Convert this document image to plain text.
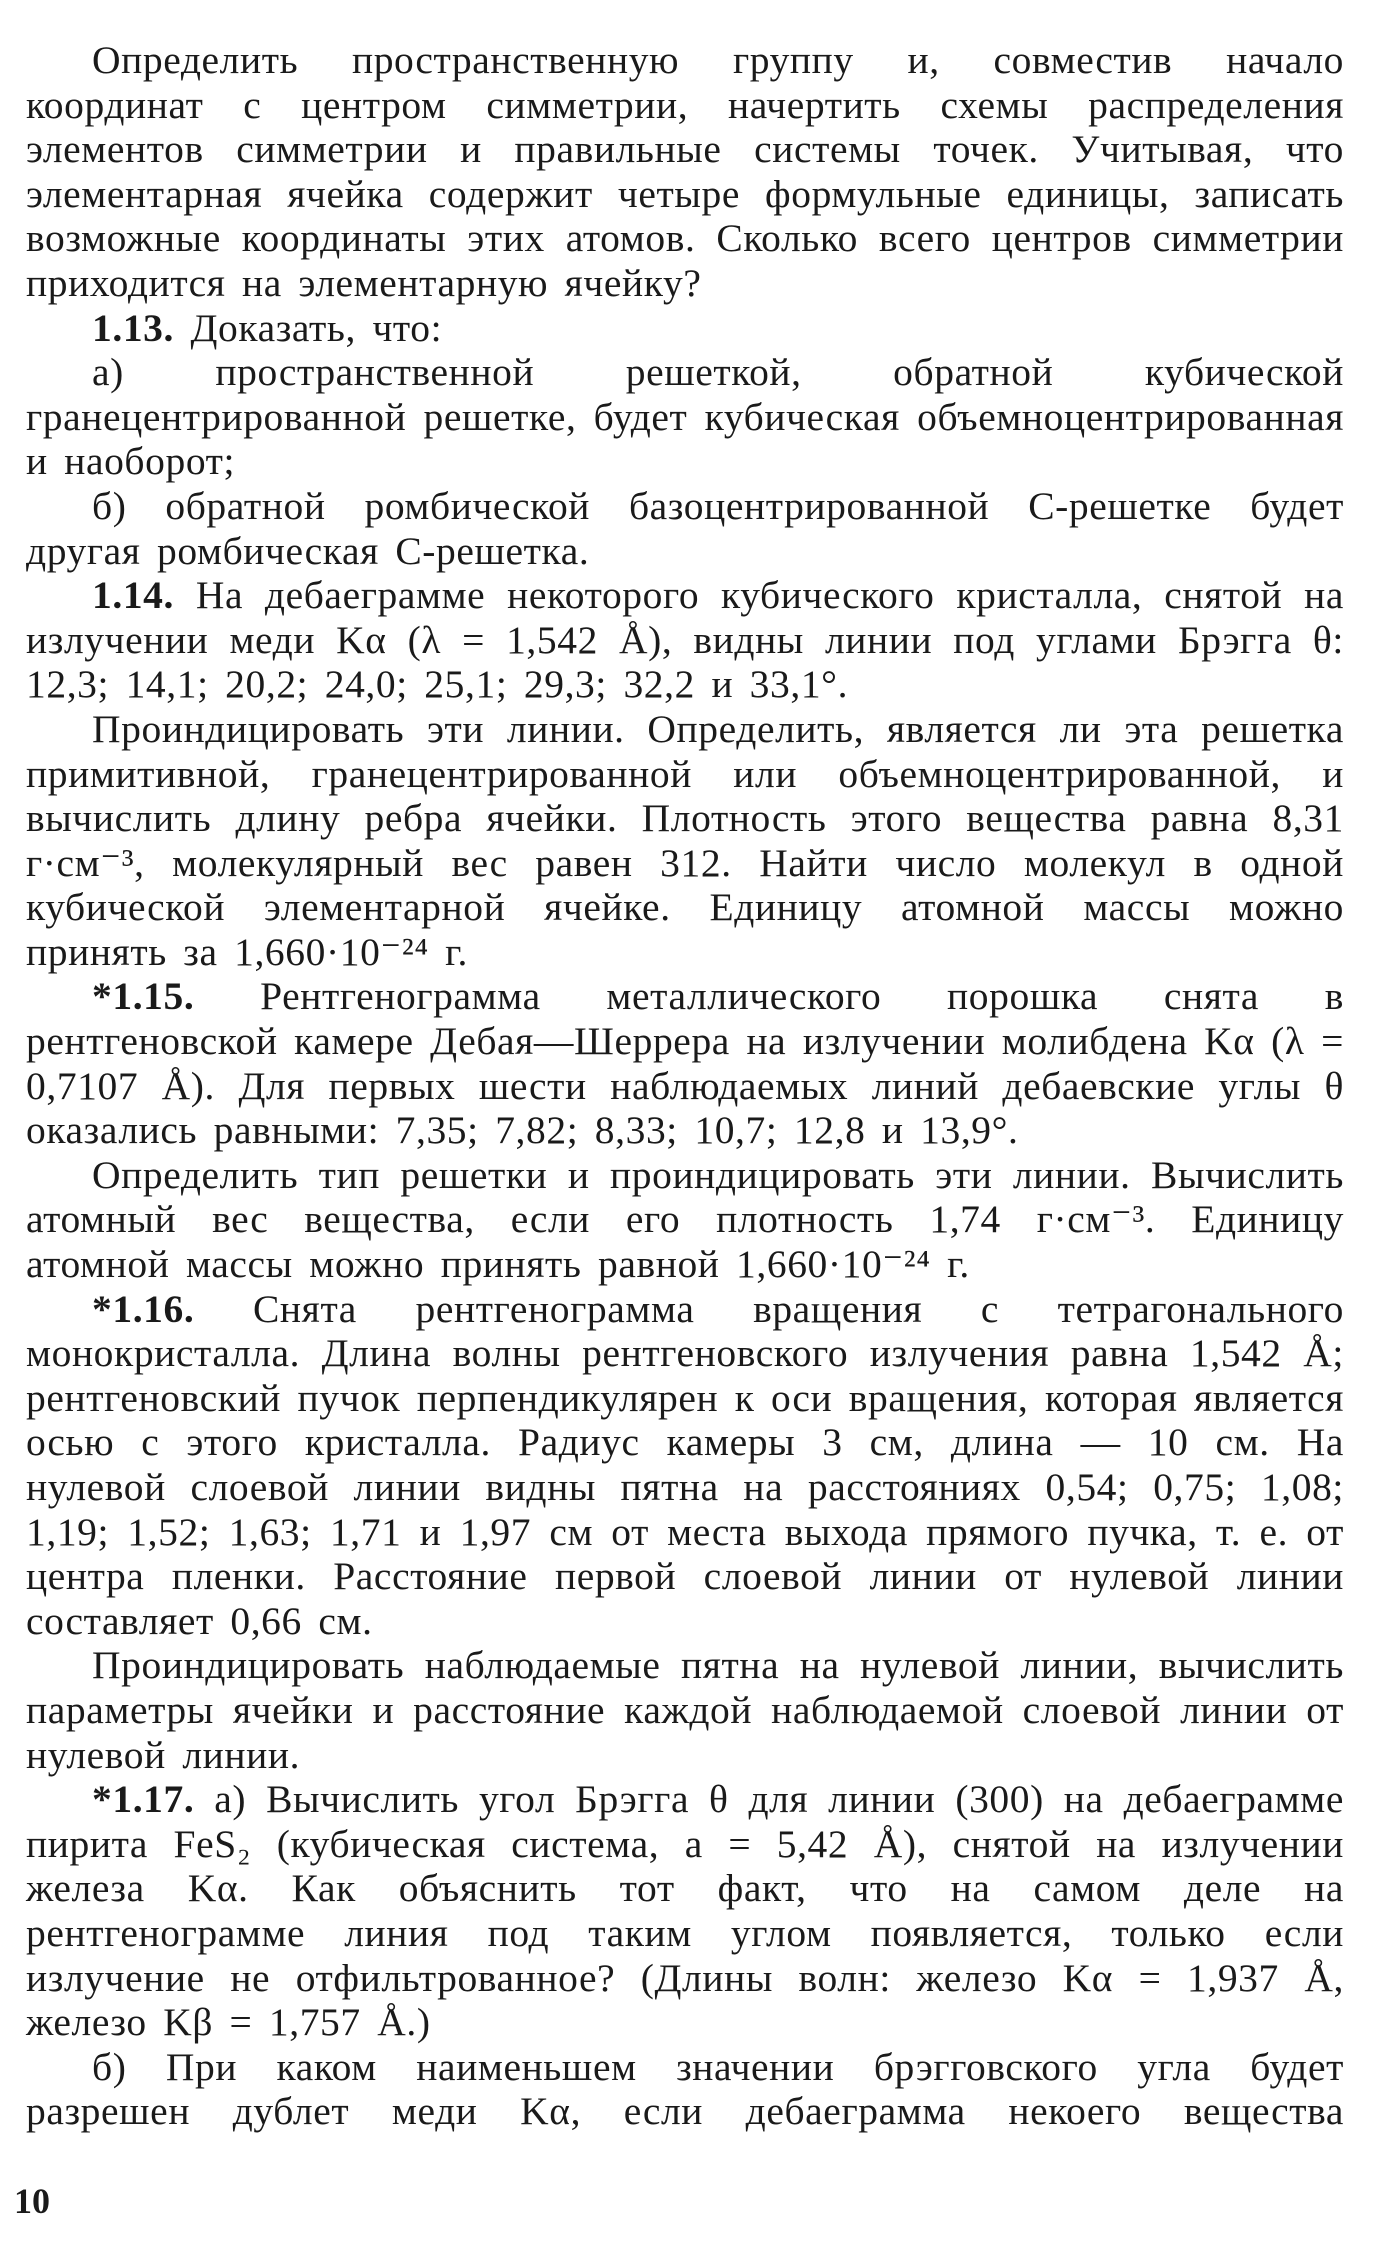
Определить пространственную группу и, совместив начало координат с центром симметрии, начертить схемы распределения элементов симметрии и правильные системы точек. Учитывая, что элементарная ячейка содержит четыре формульные единицы, записать возможные координаты этих атомов. Сколько всего центров симметрии приходится на элементарную ячейку?

1.13. Доказать, что:

а) пространственной решеткой, обратной кубической гранецентрированной решетке, будет кубическая объемноцентрированная и наоборот;

б) обратной ромбической базоцентрированной C-решетке будет другая ромбическая C-решетка.

1.14. На дебаеграмме некоторого кубического кристалла, снятой на излучении меди Kα (λ = 1,542 Å), видны линии под углами Брэгга θ: 12,3; 14,1; 20,2; 24,0; 25,1; 29,3; 32,2 и 33,1°.

Проиндицировать эти линии. Определить, является ли эта решетка примитивной, гранецентрированной или объемноцентрированной, и вычислить длину ребра ячейки. Плотность этого вещества равна 8,31 г·см⁻³, молекулярный вес равен 312. Найти число молекул в одной кубической элементарной ячейке. Единицу атомной массы можно принять за 1,660·10⁻²⁴ г.

*1.15. Рентгенограмма металлического порошка снята в рентгеновской камере Дебая—Шеррера на излучении молибдена Kα (λ = 0,7107 Å). Для первых шести наблюдаемых линий дебаевские углы θ оказались равными: 7,35; 7,82; 8,33; 10,7; 12,8 и 13,9°.

Определить тип решетки и проиндицировать эти линии. Вычислить атомный вес вещества, если его плотность 1,74 г·см⁻³. Единицу атомной массы можно принять равной 1,660·10⁻²⁴ г.

*1.16. Снята рентгенограмма вращения с тетрагонального монокристалла. Длина волны рентгеновского излучения равна 1,542 Å; рентгеновский пучок перпендикулярен к оси вращения, которая является осью c этого кристалла. Радиус камеры 3 см, длина — 10 см. На нулевой слоевой линии видны пятна на расстояниях 0,54; 0,75; 1,08; 1,19; 1,52; 1,63; 1,71 и 1,97 см от места выхода прямого пучка, т. е. от центра пленки. Расстояние первой слоевой линии от нулевой линии составляет 0,66 см.

Проиндицировать наблюдаемые пятна на нулевой линии, вычислить параметры ячейки и расстояние каждой наблюдаемой слоевой линии от нулевой линии.

*1.17. а) Вычислить угол Брэгга θ для линии (300) на дебаеграмме пирита FeS₂ (кубическая система, a = 5,42 Å), снятой на излучении железа Kα. Как объяснить тот факт, что на самом деле на рентгенограмме линия под таким углом появляется, только если излучение не отфильтрованное? (Длины волн: железо Kα = 1,937 Å, железо Kβ = 1,757 Å.)

б) При каком наименьшем значении брэгговского угла будет разрешен дублет меди Kα, если дебаеграмма некоего вещества

10
